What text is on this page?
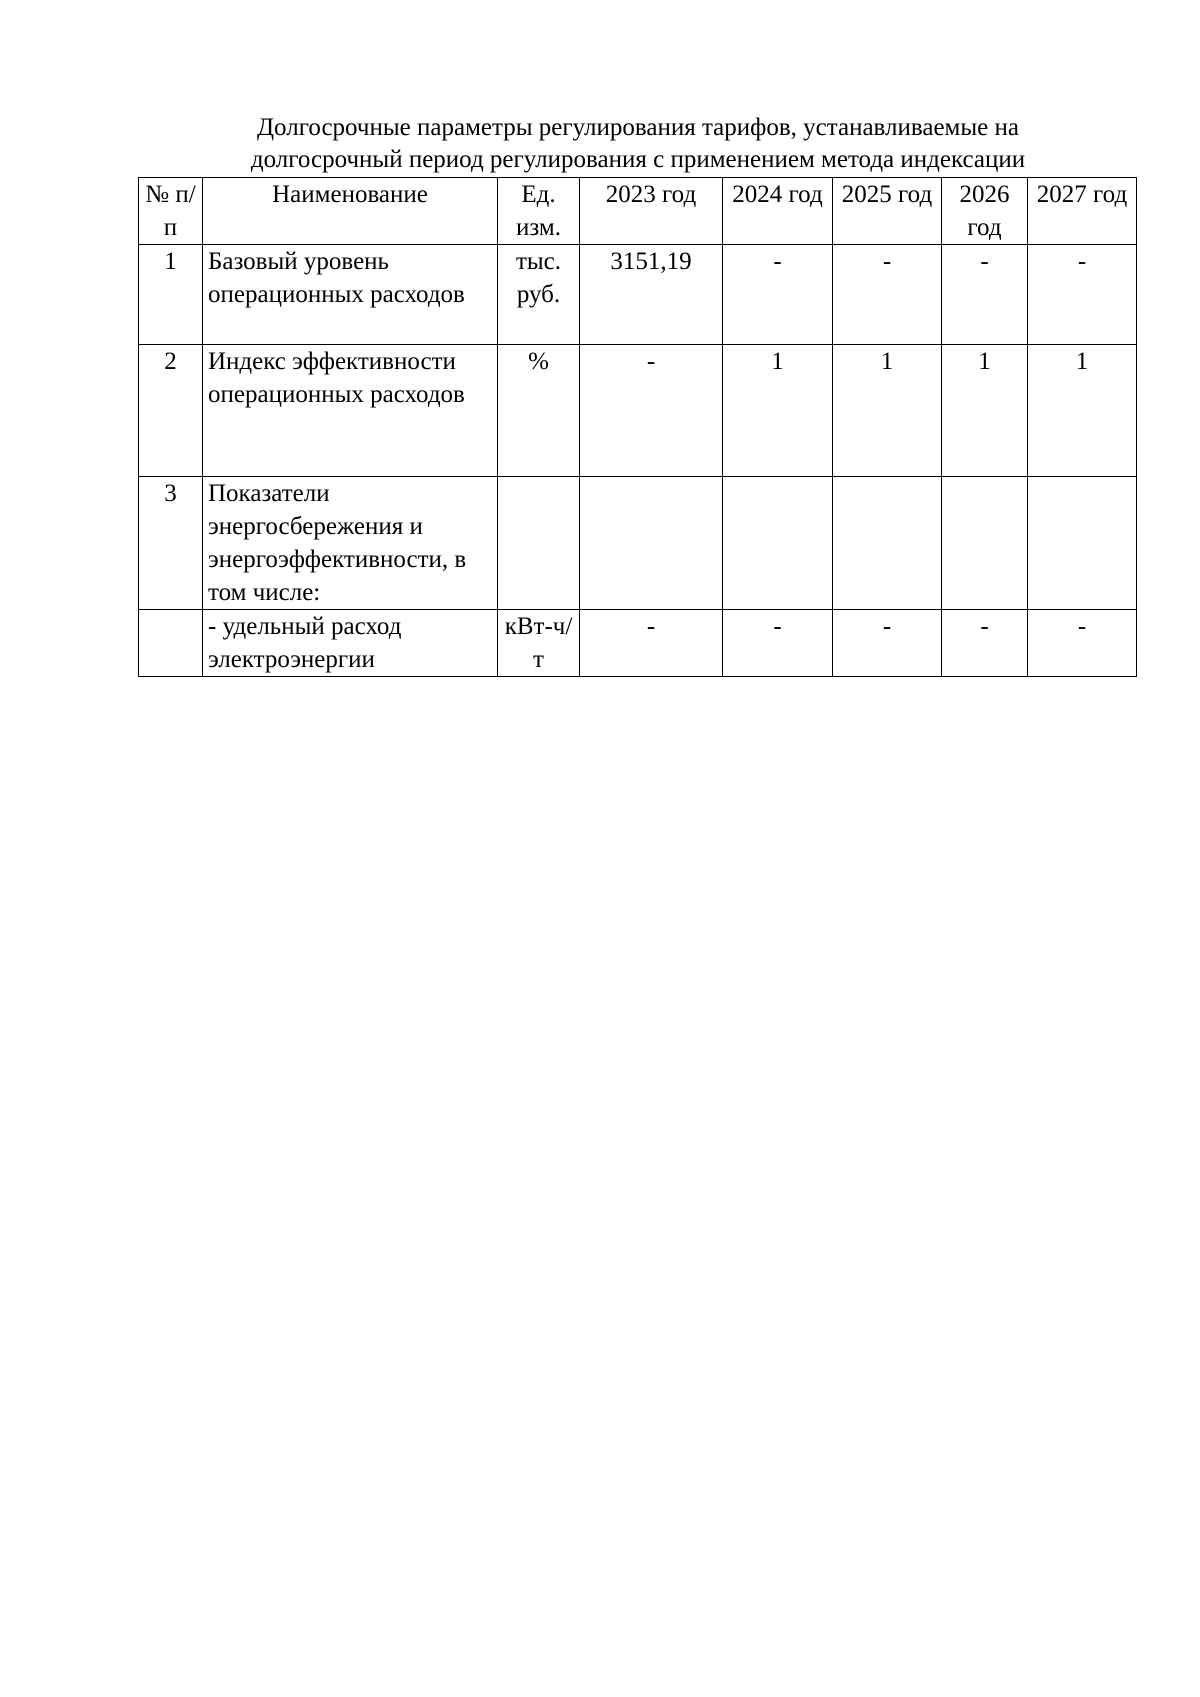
Долгосрочные параметры регулирования тарифов, устанавливаемые на
долгосрочный период регулирования с применением метода индексации
№ п/п	Наименование	Ед. изм.	2023 год	2024 год	2025 год	2026 год	2027 год
1	Базовый уровень операционных расходов	тыс. руб.	3151,19	-	-	-	-
2	Индекс эффективности операционных расходов	%	-	1	1	1	1
3	Показатели энергосбережения и энергоэффективности, в том числе:						
	- удельный расход электроэнергии	кВт-ч/т	-	-	-	-	-
